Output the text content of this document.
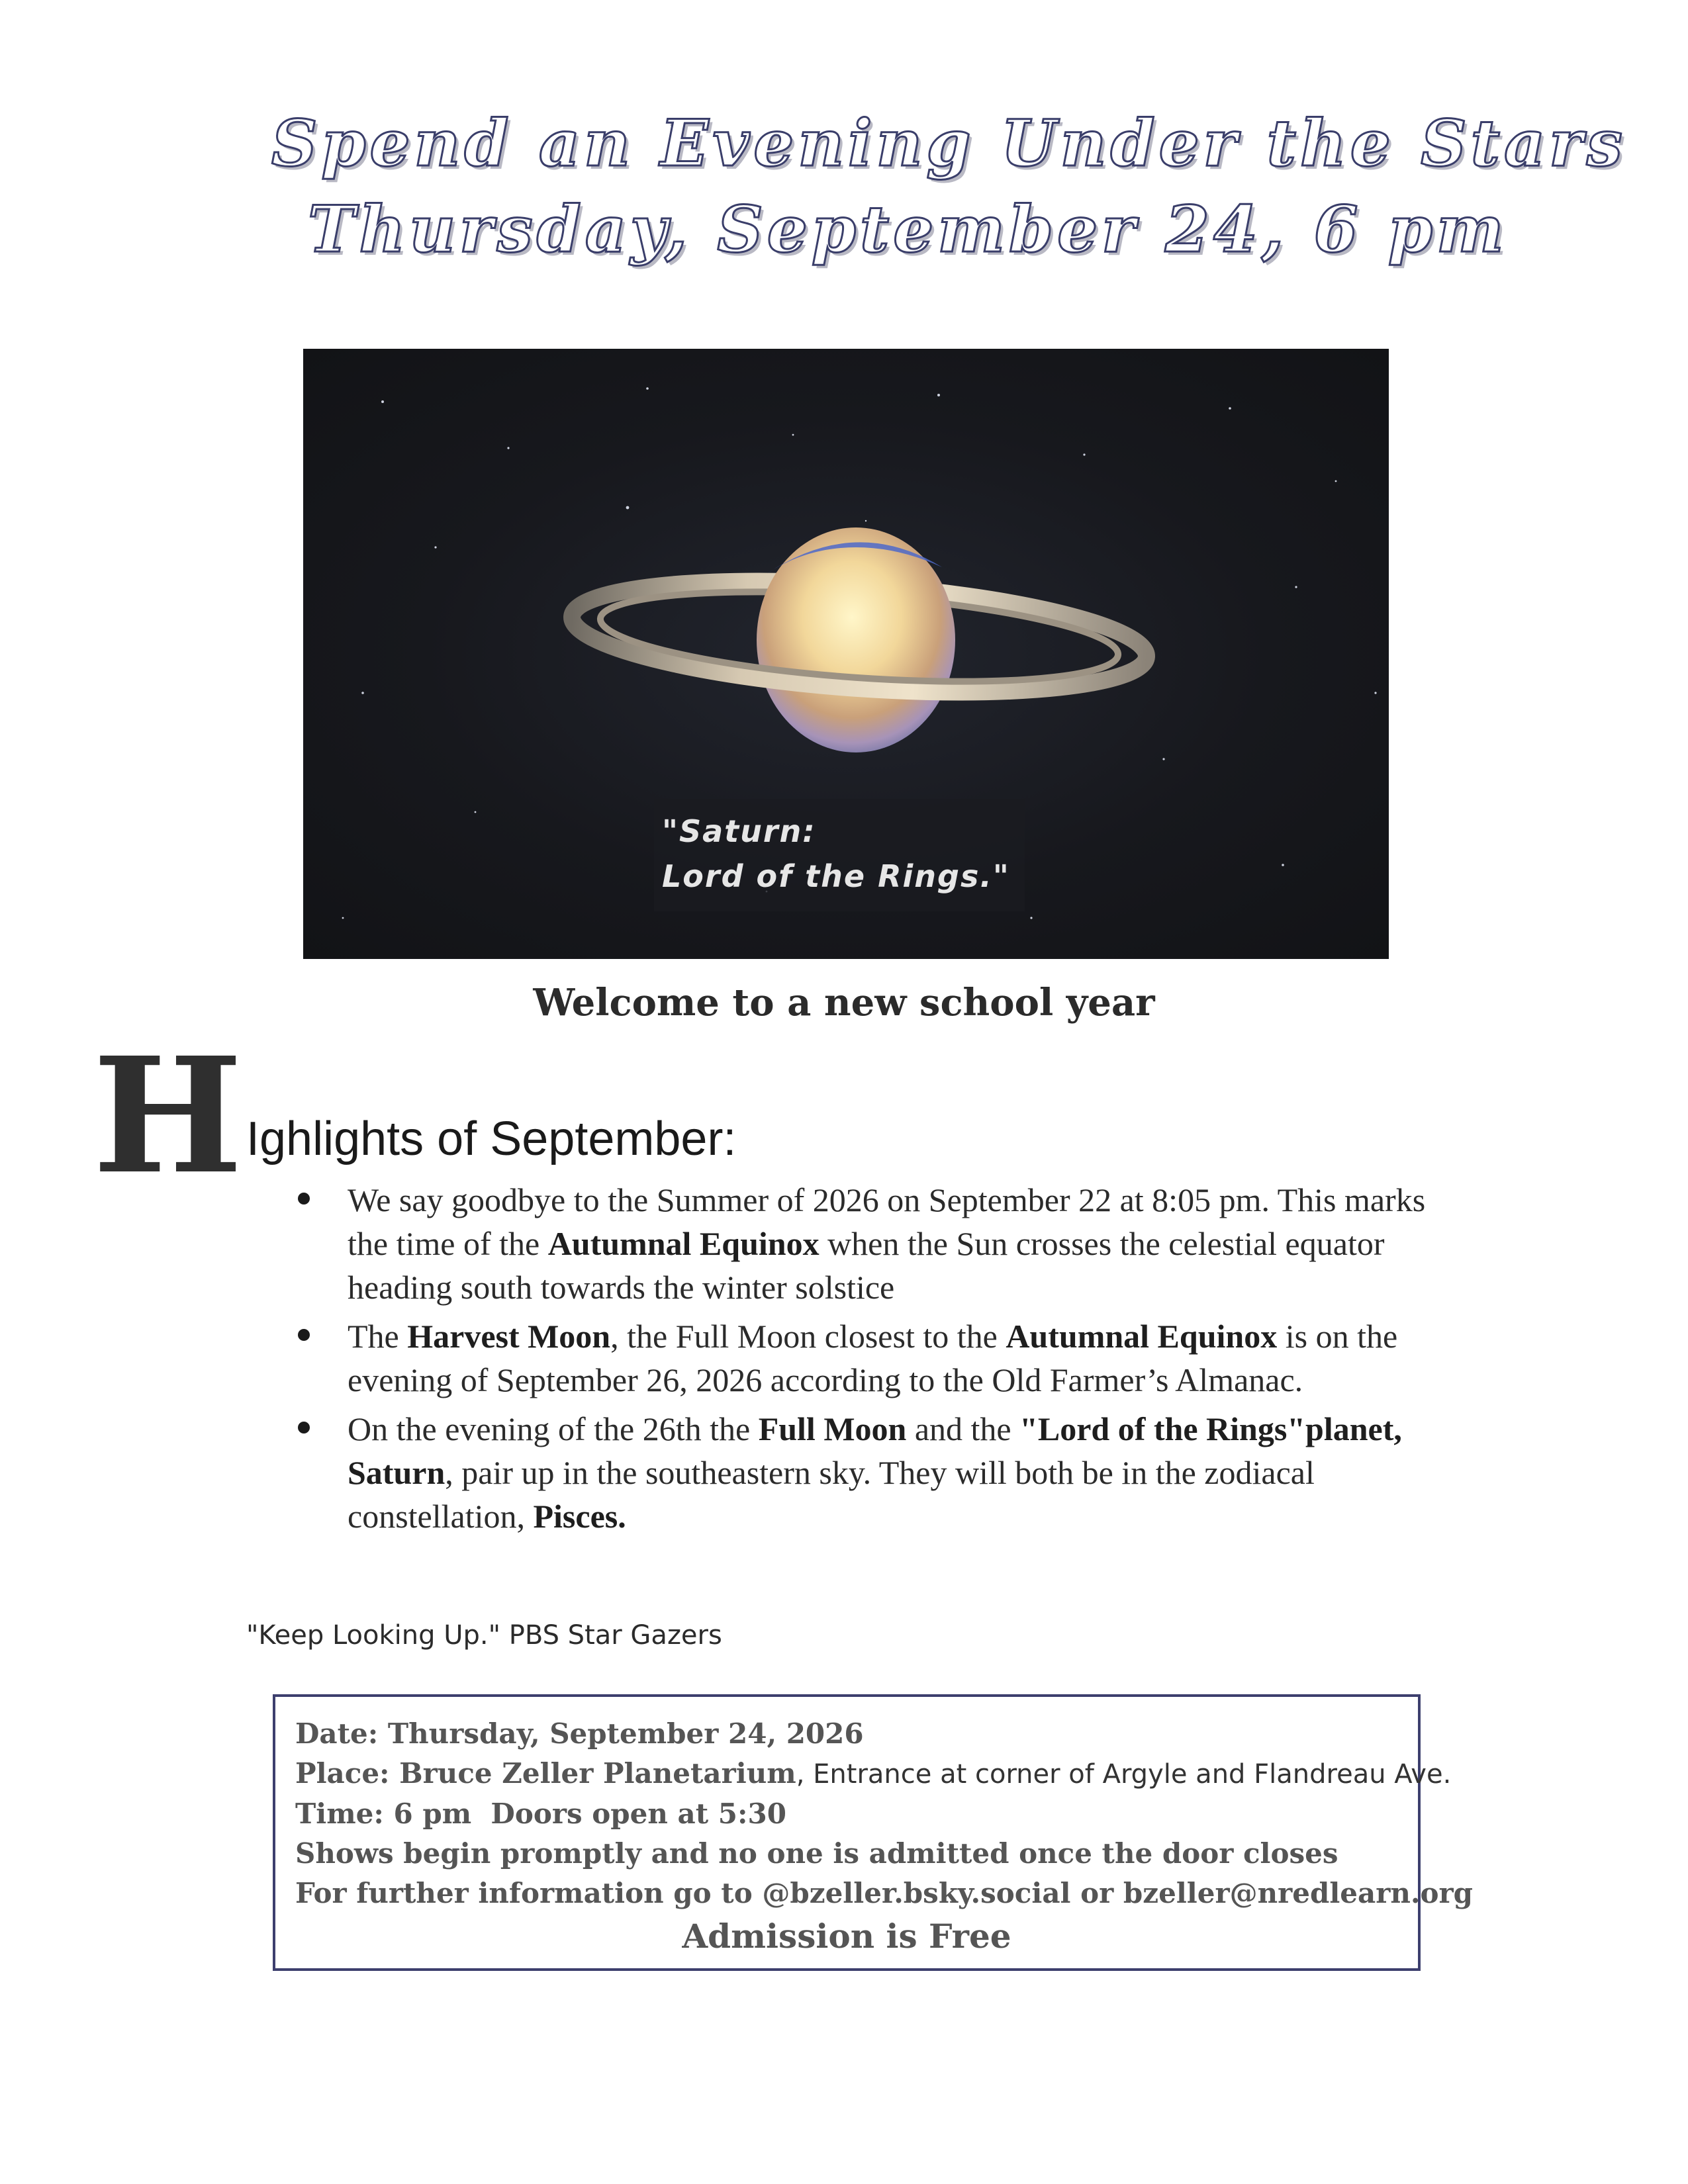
Spend an Evening Under the Stars
Thursday, September 24, 6 pm
"Saturn:
Lord of the Rings."
Welcome to a new school year
H Ighlights of September:
We say goodbye to the Summer of 2026 on September 22 at 8:05 pm. This marks the time of the Autumnal Equinox when the Sun crosses the celestial equator heading south towards the winter solstice
The Harvest Moon, the Full Moon closest to the Autumnal Equinox is on the evening of September 26, 2026 according to the Old Farmer’s Almanac.
On the evening of the 26th the Full Moon and the "Lord of the Rings"planet, Saturn, pair up in the southeastern sky. They will both be in the zodiacal constellation, Pisces.
"Keep Looking Up." PBS Star Gazers
Date: Thursday, September 24, 2026
Place: Bruce Zeller Planetarium, Entrance at corner of Argyle and Flandreau Ave.
Time: 6 pm  Doors open at 5:30
Shows begin promptly and no one is admitted once the door closes
For further information go to @bzeller.bsky.social or bzeller@nredlearn.org
Admission is Free
